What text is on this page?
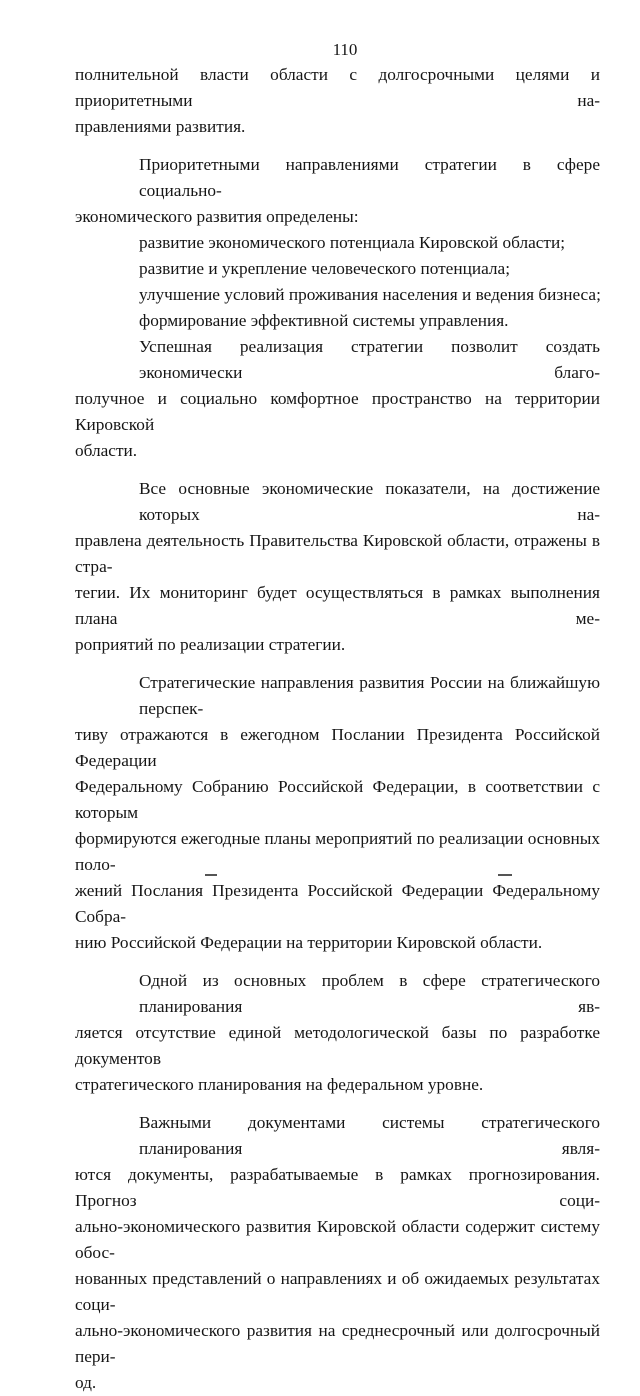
110
полнительной власти области с долгосрочными целями и приоритетными на-
правлениями развития.
Приоритетными направлениями стратегии в сфере социально-
экономического развития определены:
развитие экономического потенциала Кировской области;
развитие и укрепление человеческого потенциала;
улучшение условий проживания населения и ведения бизнеса;
формирование эффективной системы управления.
Успешная реализация стратегии позволит создать экономически благо-
получное и социально комфортное пространство на территории Кировской
области.
Все основные экономические показатели, на достижение которых на-
правлена деятельность Правительства Кировской области, отражены в стра-
тегии. Их мониторинг будет осуществляться в рамках выполнения плана ме-
роприятий по реализации стратегии.
Стратегические направления развития России на ближайшую перспек-
тиву отражаются в ежегодном Послании Президента Российской Федерации
Федеральному Собранию Российской Федерации, в соответствии с которым
формируются ежегодные планы мероприятий по реализации основных поло-
жений Послания Президента Российской Федерации Федеральному Собра-
нию Российской Федерации на территории Кировской области.
Одной из основных проблем в сфере стратегического планирования яв-
ляется отсутствие единой методологической базы по разработке документов
стратегического планирования на федеральном уровне.
Важными документами системы стратегического планирования явля-
ются документы, разрабатываемые в рамках прогнозирования. Прогноз соци-
ально-экономического развития Кировской области содержит систему обос-
нованных представлений о направлениях и об ожидаемых результатах соци-
ально-экономического развития на среднесрочный или долгосрочный пери-
од.
